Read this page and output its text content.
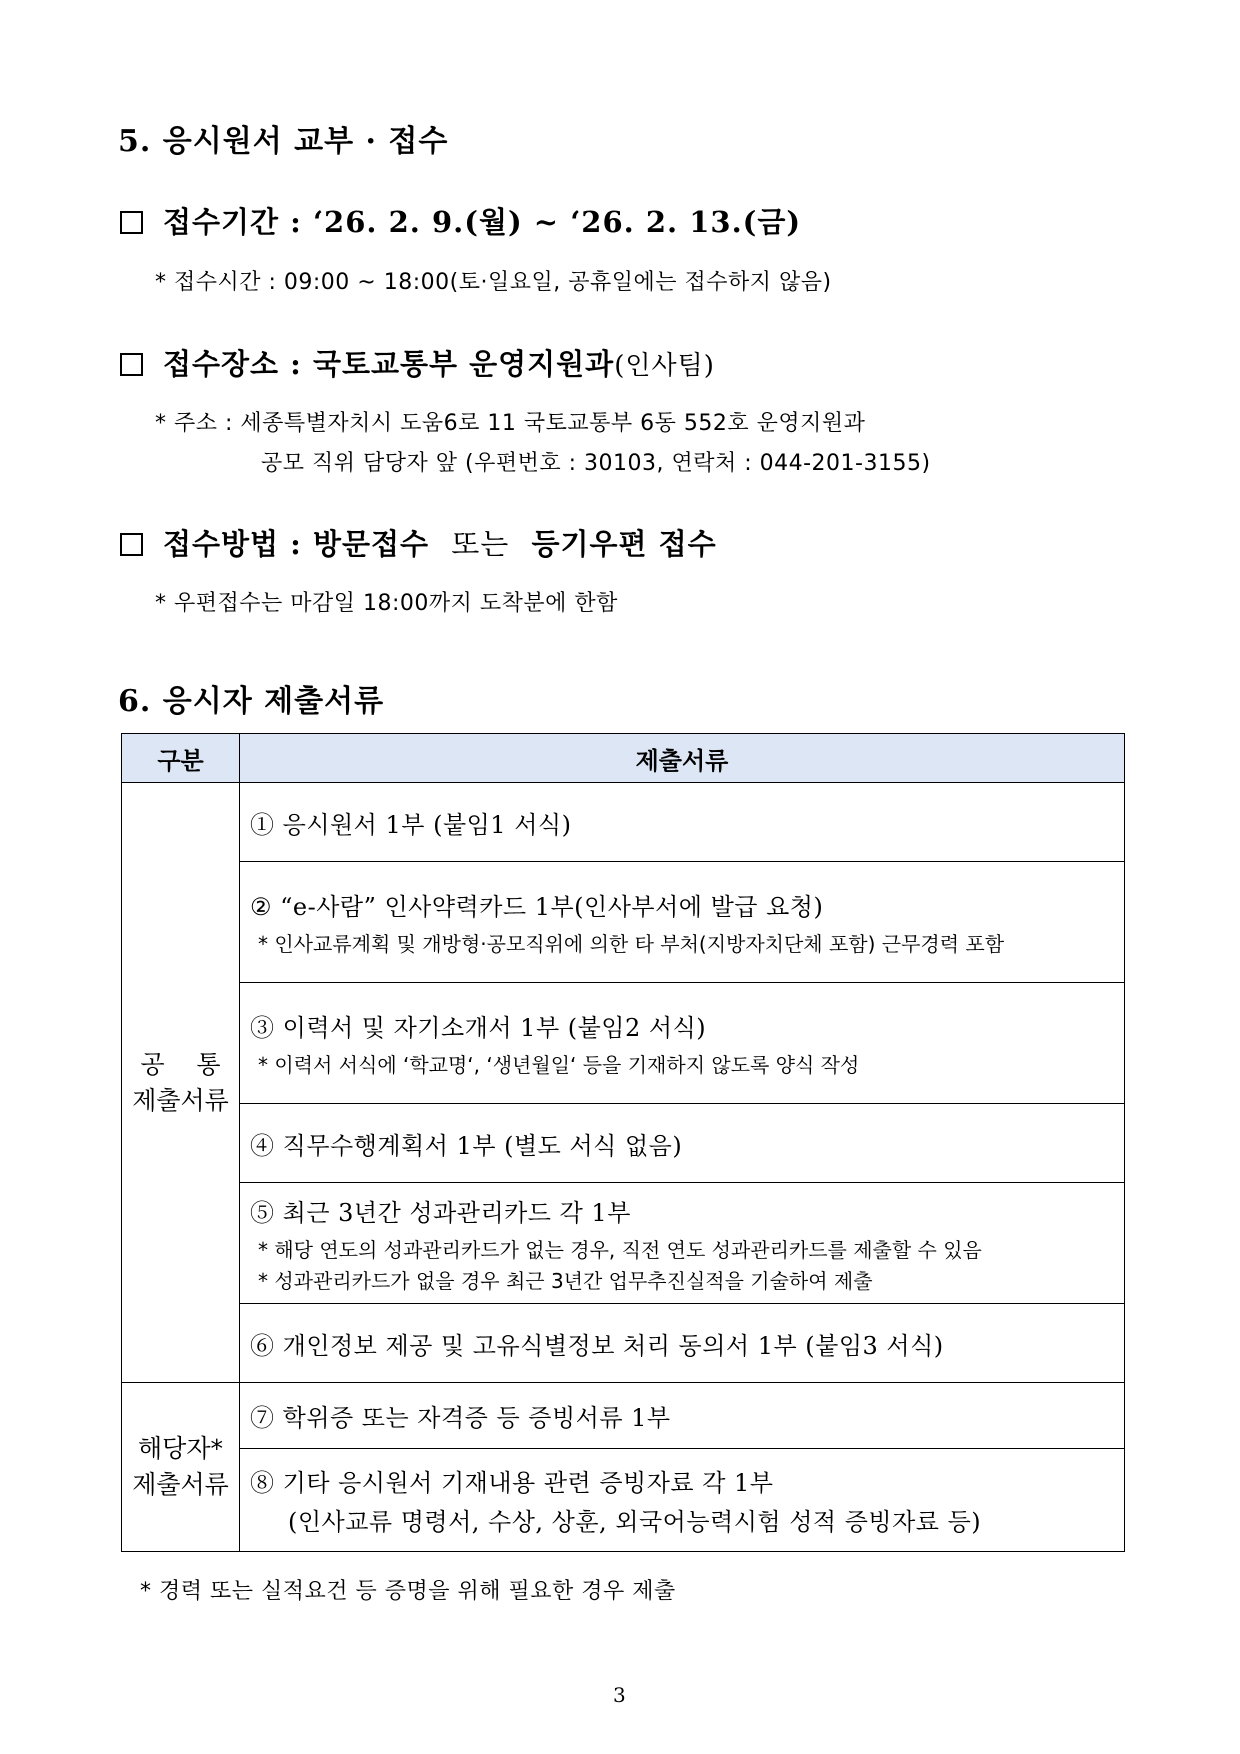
5. 응시원서 교부 · 접수
접수기간 : ‘26. 2. 9.(월) ~ ‘26. 2. 13.(금)
* 접수시간 : 09:00 ~ 18:00(토·일요일, 공휴일에는 접수하지 않음)
접수장소 : 국토교통부 운영지원과(인사팀)
* 주소 : 세종특별자치시 도움6로 11 국토교통부 6동 552호 운영지원과
공모 직위 담당자 앞 (우편번호 : 30103, 연락처 : 044-201-3155)
접수방법 : 방문접수 또는 등기우편 접수
* 우편접수는 마감일 18:00까지 도착분에 한함
6. 응시자 제출서류
구분	제출서류

공    통
제출서류	① 응시원서 1부 (붙임1 서식)

	② “e-사람” 인사약력카드 1부(인사부서에 발급 요청)
* 인사교류계획 및 개방형·공모직위에 의한 타 부처(지방자치단체 포함) 근무경력 포함

	③ 이력서 및 자기소개서 1부 (붙임2 서식)
* 이력서 서식에 ‘학교명‘, ‘생년월일‘ 등을 기재하지 않도록 양식 작성

	④ 직무수행계획서 1부 (별도 서식 없음)

	⑤ 최근 3년간 성과관리카드 각 1부
* 해당 연도의 성과관리카드가 없는 경우, 직전 연도 성과관리카드를 제출할 수 있음
* 성과관리카드가 없을 경우 최근 3년간 업무추진실적을 기술하여 제출

	⑥ 개인정보 제공 및 고유식별정보 처리 동의서 1부 (붙임3 서식)

해당자*
제출서류	⑦ 학위증 또는 자격증 등 증빙서류 1부

	⑧ 기타 응시원서 기재내용 관련 증빙자료 각 1부
(인사교류 명령서, 수상, 상훈, 외국어능력시험 성적 증빙자료 등)
* 경력 또는 실적요건 등 증명을 위해 필요한 경우 제출
3
